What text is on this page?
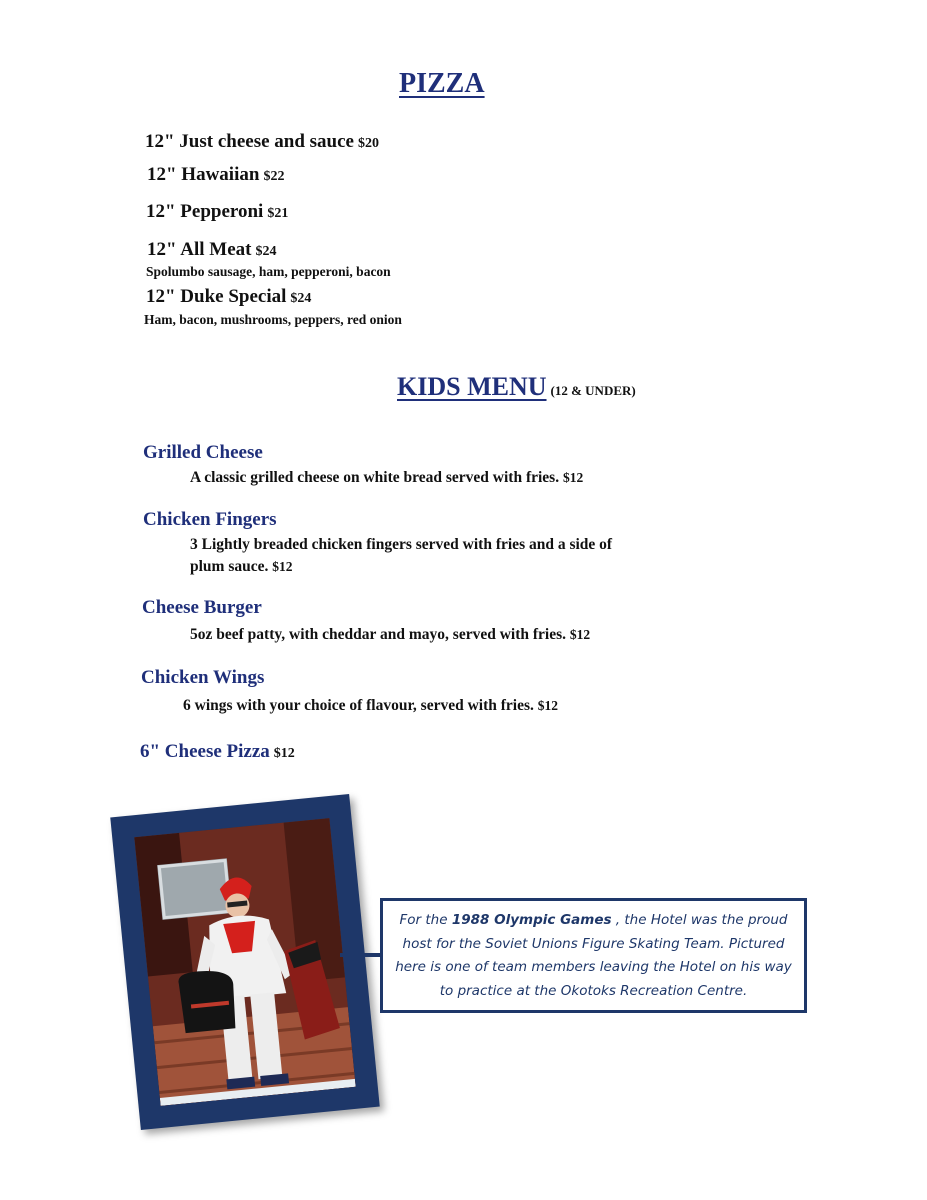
PIZZA
12" Just cheese and sauce $20
12" Hawaiian $22
12" Pepperoni $21
12" All Meat $24
Spolumbo sausage, ham, pepperoni, bacon
12" Duke Special $24
Ham, bacon, mushrooms, peppers, red onion
KIDS MENU (12 & UNDER)
Grilled Cheese
A classic grilled cheese on white bread served with fries. $12
Chicken Fingers
3 Lightly breaded chicken fingers served with fries and a side of plum sauce. $12
Cheese Burger
5oz beef patty, with cheddar and mayo, served with fries. $12
Chicken Wings
6 wings with your choice of flavour, served with fries. $12
6" Cheese Pizza $12
For the 1988 Olympic Games , the Hotel was the proud host for the Soviet Unions Figure Skating Team. Pictured here is one of team members leaving the Hotel on his way to practice at the Okotoks Recreation Centre.
